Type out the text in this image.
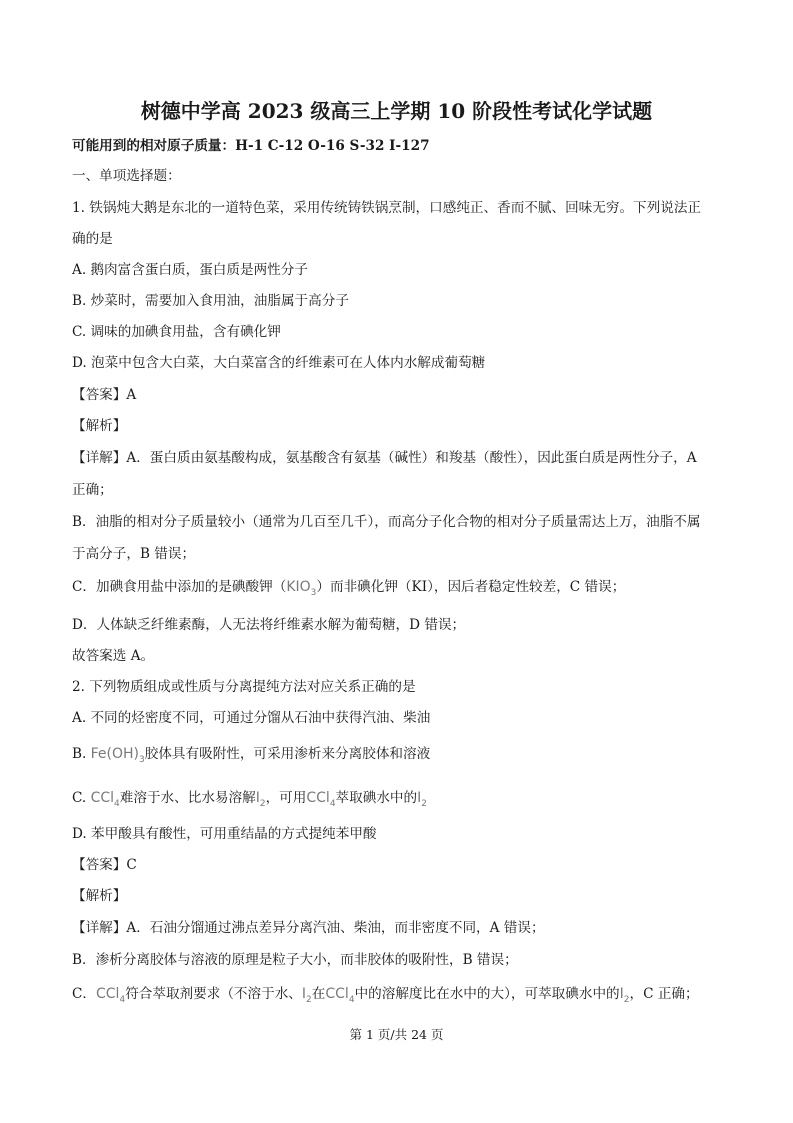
树德中学高 2023 级高三上学期 10 阶段性考试化学试题
可能用到的相对原子质量：H-1 C-12 O-16 S-32 I-127
一、单项选择题：
1. 铁锅炖大鹅是东北的一道特色菜，采用传统铸铁锅烹制，口感纯正、香而不腻、回味无穷。下列说法正
确的是
A. 鹅肉富含蛋白质，蛋白质是两性分子
B. 炒菜时，需要加入食用油，油脂属于高分子
C. 调味的加碘食用盐，含有碘化钾
D. 泡菜中包含大白菜，大白菜富含的纤维素可在人体内水解成葡萄糖
【答案】A
【解析】
【详解】A．蛋白质由氨基酸构成，氨基酸含有氨基（碱性）和羧基（酸性），因此蛋白质是两性分子，A
正确；
B．油脂的相对分子质量较小（通常为几百至几千），而高分子化合物的相对分子质量需达上万，油脂不属
于高分子，B 错误；
C．加碘食用盐中添加的是碘酸钾$(KIO_3)$而非碘化钾（KI），因后者稳定性较差，C 错误；
D．人体缺乏纤维素酶，人无法将纤维素水解为葡萄糖，D 错误；
故答案选 A。
2. 下列物质组成或性质与分离提纯方法对应关系正确的是
A. 不同的烃密度不同，可通过分馏从石油中获得汽油、柴油
B. $Fe(OH)_3$胶体具有吸附性，可采用渗析来分离胶体和溶液
C. CCl$_4$难溶于水、比水易溶解$I_2$，可用CCl$_4$萃取碘水中的$I_2$
D. 苯甲酸具有酸性，可用重结晶的方式提纯苯甲酸
【答案】C
【解析】
【详解】A．石油分馏通过沸点差异分离汽油、柴油，而非密度不同，A 错误；
B．渗析分离胶体与溶液的原理是粒子大小，而非胶体的吸附性，B 错误；
C．CCl$_4$符合萃取剂要求（不溶于水、$I_2$在CCl$_4$中的溶解度比在水中的大），可萃取碘水中的$I_2$，C 正确；
第 1 页/共 24 页
